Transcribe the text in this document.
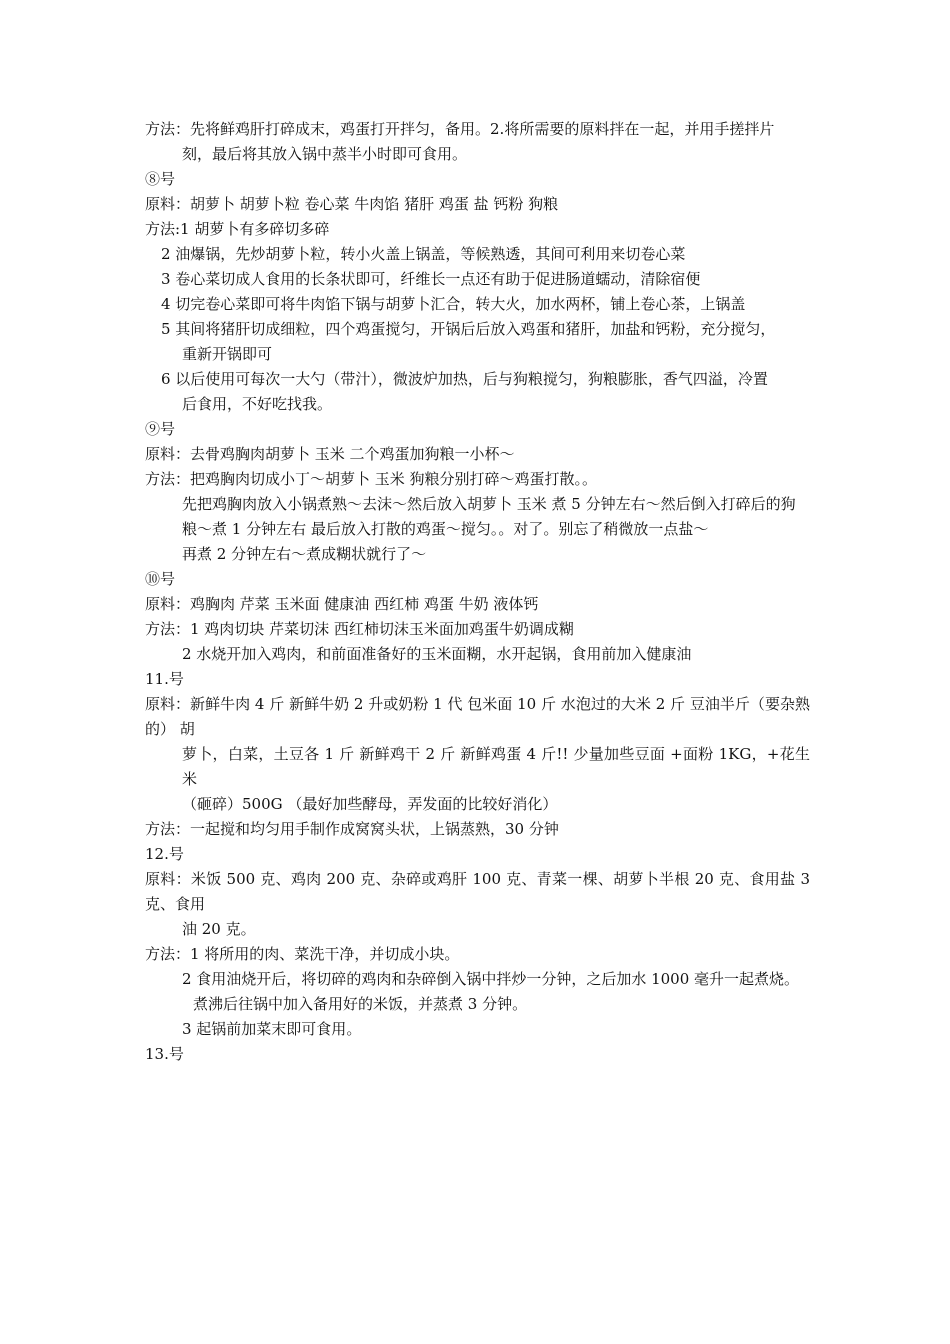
方法：先将鲜鸡肝打碎成末，鸡蛋打开拌匀，备用。2.将所需要的原料拌在一起，并用手搓拌片
刻，最后将其放入锅中蒸半小时即可食用。
⑧号
原料：胡萝卜 胡萝卜粒 卷心菜 牛肉馅 猪肝 鸡蛋 盐 钙粉 狗粮
方法:1 胡萝卜有多碎切多碎
2 油爆锅，先炒胡萝卜粒，转小火盖上锅盖，等候熟透，其间可利用来切卷心菜
3 卷心菜切成人食用的长条状即可，纤维长一点还有助于促进肠道蠕动，清除宿便
4 切完卷心菜即可将牛肉馅下锅与胡萝卜汇合，转大火，加水两杯，铺上卷心茶，上锅盖
5 其间将猪肝切成细粒，四个鸡蛋搅匀，开锅后后放入鸡蛋和猪肝，加盐和钙粉，充分搅匀，
重新开锅即可
6 以后使用可每次一大勺（带汁），微波炉加热，后与狗粮搅匀，狗粮膨胀，香气四溢，冷置
后食用，不好吃找我。
⑨号
原料：去骨鸡胸肉胡萝卜 玉米 二个鸡蛋加狗粮一小杯～
方法：把鸡胸肉切成小丁～胡萝卜 玉米 狗粮分别打碎～鸡蛋打散。。
先把鸡胸肉放入小锅煮熟～去沫～然后放入胡萝卜 玉米 煮 5 分钟左右～然后倒入打碎后的狗
粮～煮 1 分钟左右 最后放入打散的鸡蛋～搅匀。。对了。别忘了稍微放一点盐～
再煮 2 分钟左右～煮成糊状就行了～
⑩号
原料：鸡胸肉 芹菜 玉米面 健康油 西红柿 鸡蛋 牛奶 液体钙
方法：1 鸡肉切块 芹菜切沫 西红柿切沫玉米面加鸡蛋牛奶调成糊
2 水烧开加入鸡肉，和前面准备好的玉米面糊，水开起锅，食用前加入健康油
11.号
原料：新鲜牛肉 4 斤 新鲜牛奶 2 升或奶粉 1 代 包米面 10 斤 水泡过的大米 2 斤 豆油半斤（要杂熟的） 胡
萝卜，白菜，土豆各 1 斤 新鲜鸡干 2 斤 新鲜鸡蛋 4 斤!! 少量加些豆面 +面粉 1KG，+花生米
（砸碎）500G （最好加些酵母，弄发面的比较好消化）
方法：一起搅和均匀用手制作成窝窝头状，上锅蒸熟，30 分钟
12.号
原料：米饭 500 克、鸡肉 200 克、杂碎或鸡肝 100 克、青菜一棵、胡萝卜半根 20 克、食用盐 3 克、食用
油 20 克。
方法：1 将所用的肉、菜洗干净，并切成小块。
2 食用油烧开后，将切碎的鸡肉和杂碎倒入锅中拌炒一分钟，之后加水 1000 毫升一起煮烧。
煮沸后往锅中加入备用好的米饭，并蒸煮 3 分钟。
3 起锅前加菜末即可食用。
13.号
